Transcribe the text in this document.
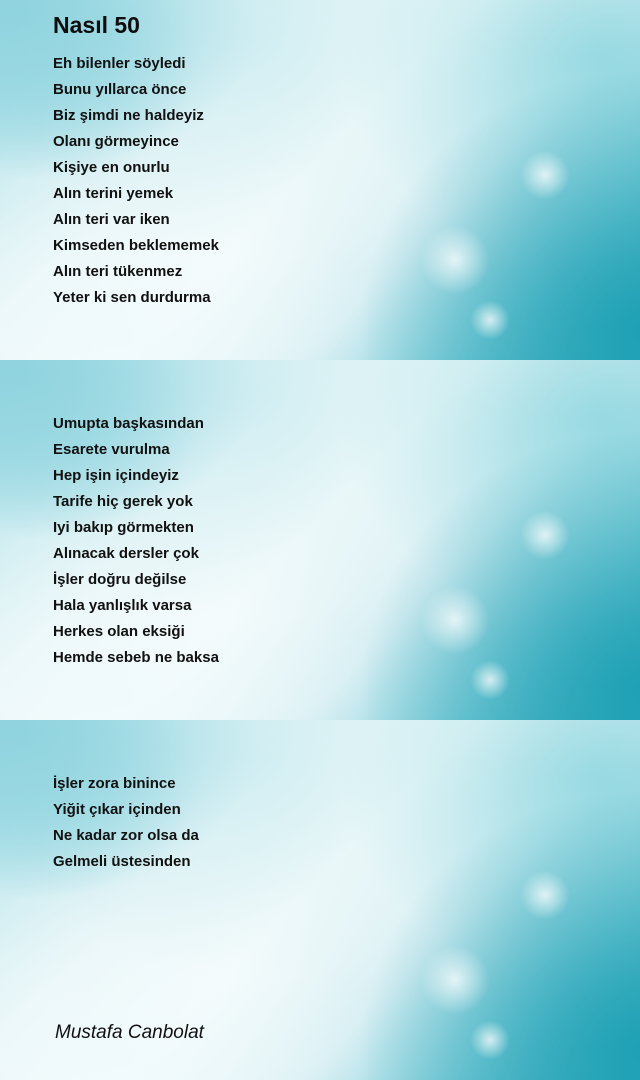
Nasıl 50
Eh bilenler söyledi
Bunu yıllarca önce
Biz şimdi ne haldeyiz
Olanı görmeyince
Kişiye en onurlu
Alın terini yemek
Alın teri var iken
Kimseden beklememek
Alın teri tükenmez
Yeter ki sen durdurma
Umupta başkasından
Esarete vurulma
Hep işin içindeyiz
Tarife hiç gerek yok
Iyi bakıp görmekten
Alınacak dersler çok
İşler doğru değilse
Hala yanlışlık varsa
Herkes olan eksiği
Hemde sebeb ne baksa
İşler zora binince
Yiğit çıkar içinden
Ne kadar zor olsa da
Gelmeli üstesinden
Mustafa Canbolat
